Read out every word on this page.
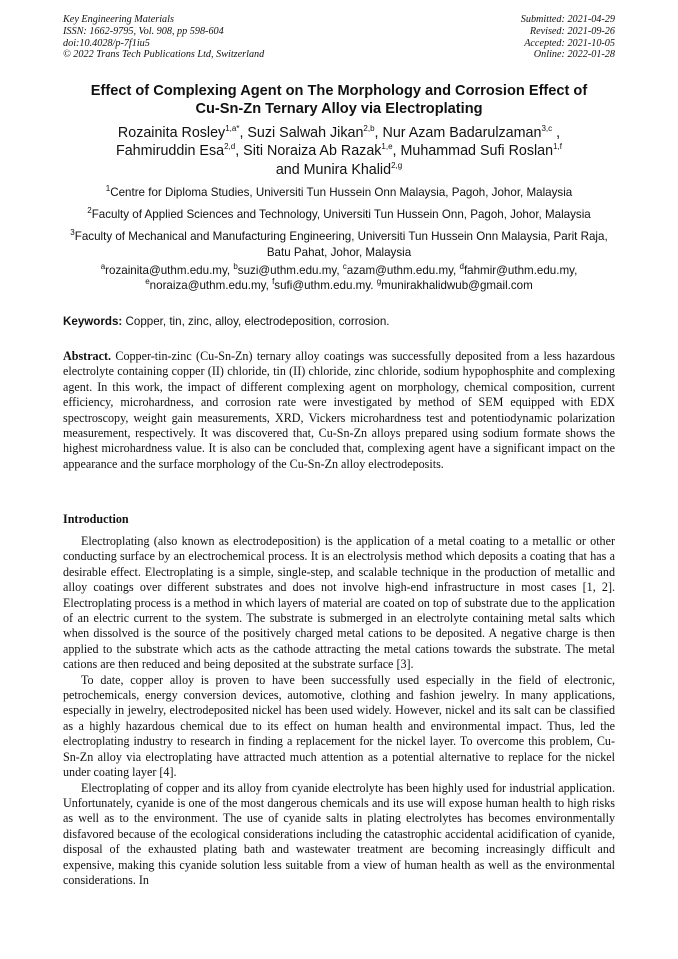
Key Engineering Materials
ISSN: 1662-9795, Vol. 908, pp 598-604
doi:10.4028/p-7f1iu5
© 2022 Trans Tech Publications Ltd, Switzerland
Submitted: 2021-04-29
Revised: 2021-09-26
Accepted: 2021-10-05
Online: 2022-01-28
Effect of Complexing Agent on The Morphology and Corrosion Effect of
Cu-Sn-Zn Ternary Alloy via Electroplating
Rozainita Rosley$^{1,a*}$, Suzi Salwah Jikan$^{2,b}$, Nur Azam Badarulzaman$^{3,c}$ ,
Fahmiruddin Esa$^{2,d}$, Siti Noraiza Ab Razak$^{1,e}$, Muhammad Sufi Roslan$^{1,f}$
and Munira Khalid$^{2,g}$
$^1$Centre for Diploma Studies, Universiti Tun Hussein Onn Malaysia, Pagoh, Johor, Malaysia
$^2$Faculty of Applied Sciences and Technology, Universiti Tun Hussein Onn, Pagoh, Johor, Malaysia
$^3$Faculty of Mechanical and Manufacturing Engineering, Universiti Tun Hussein Onn Malaysia, Parit Raja, Batu Pahat, Johor, Malaysia
$^a$rozainita@uthm.edu.my, $^b$suzi@uthm.edu.my, $^c$azam@uthm.edu.my, $^d$fahmir@uthm.edu.my,
$^e$noraiza@uthm.edu.my, $^f$sufi@uthm.edu.my. $^g$munirakhalidwub@gmail.com
Keywords: Copper, tin, zinc, alloy, electrodeposition, corrosion.
Abstract. Copper-tin-zinc (Cu-Sn-Zn) ternary alloy coatings was successfully deposited from a less hazardous electrolyte containing copper (II) chloride, tin (II) chloride, zinc chloride, sodium hypophosphite and complexing agent. In this work, the impact of different complexing agent on morphology, chemical composition, current efficiency, microhardness, and corrosion rate were investigated by method of SEM equipped with EDX spectroscopy, weight gain measurements, XRD, Vickers microhardness test and potentiodynamic polarization measurement, respectively. It was discovered that, Cu-Sn-Zn alloys prepared using sodium formate shows the highest microhardness value. It is also can be concluded that, complexing agent have a significant impact on the appearance and the surface morphology of the Cu-Sn-Zn alloy electrodeposits.
Introduction

Electroplating (also known as electrodeposition) is the application of a metal coating to a metallic or other conducting surface by an electrochemical process. It is an electrolysis method which deposits a coating that has a desirable effect. Electroplating is a simple, single-step, and scalable technique in the production of metallic and alloy coatings over different substrates and does not involve high-end infrastructure in most cases [1, 2]. Electroplating process is a method in which layers of material are coated on top of substrate due to the application of an electric current to the system. The substrate is submerged in an electrolyte containing metal salts which when dissolved is the source of the positively charged metal cations to be deposited. A negative charge is then applied to the substrate which acts as the cathode attracting the metal cations towards the substrate. The metal cations are then reduced and being deposited at the substrate surface [3].

To date, copper alloy is proven to have been successfully used especially in the field of electronic, petrochemicals, energy conversion devices, automotive, clothing and fashion jewelry. In many applications, especially in jewelry, electrodeposited nickel has been used widely. However, nickel and its salt can be classified as a highly hazardous chemical due to its effect on human health and environmental impact. Thus, led the electroplating industry to research in finding a replacement for the nickel layer. To overcome this problem, Cu-Sn-Zn alloy via electroplating have attracted much attention as a potential alternative to replace for the nickel under coating layer [4].

Electroplating of copper and its alloy from cyanide electrolyte has been highly used for industrial application. Unfortunately, cyanide is one of the most dangerous chemicals and its use will expose human health to high risks as well as to the environment. The use of cyanide salts in plating electrolytes has becomes environmentally disfavored because of the ecological considerations including the catastrophic accidental acidification of cyanide, disposal of the exhausted plating bath and wastewater treatment are becoming increasingly difficult and expensive, making this cyanide solution less suitable from a view of human health as well as the environmental considerations. In
